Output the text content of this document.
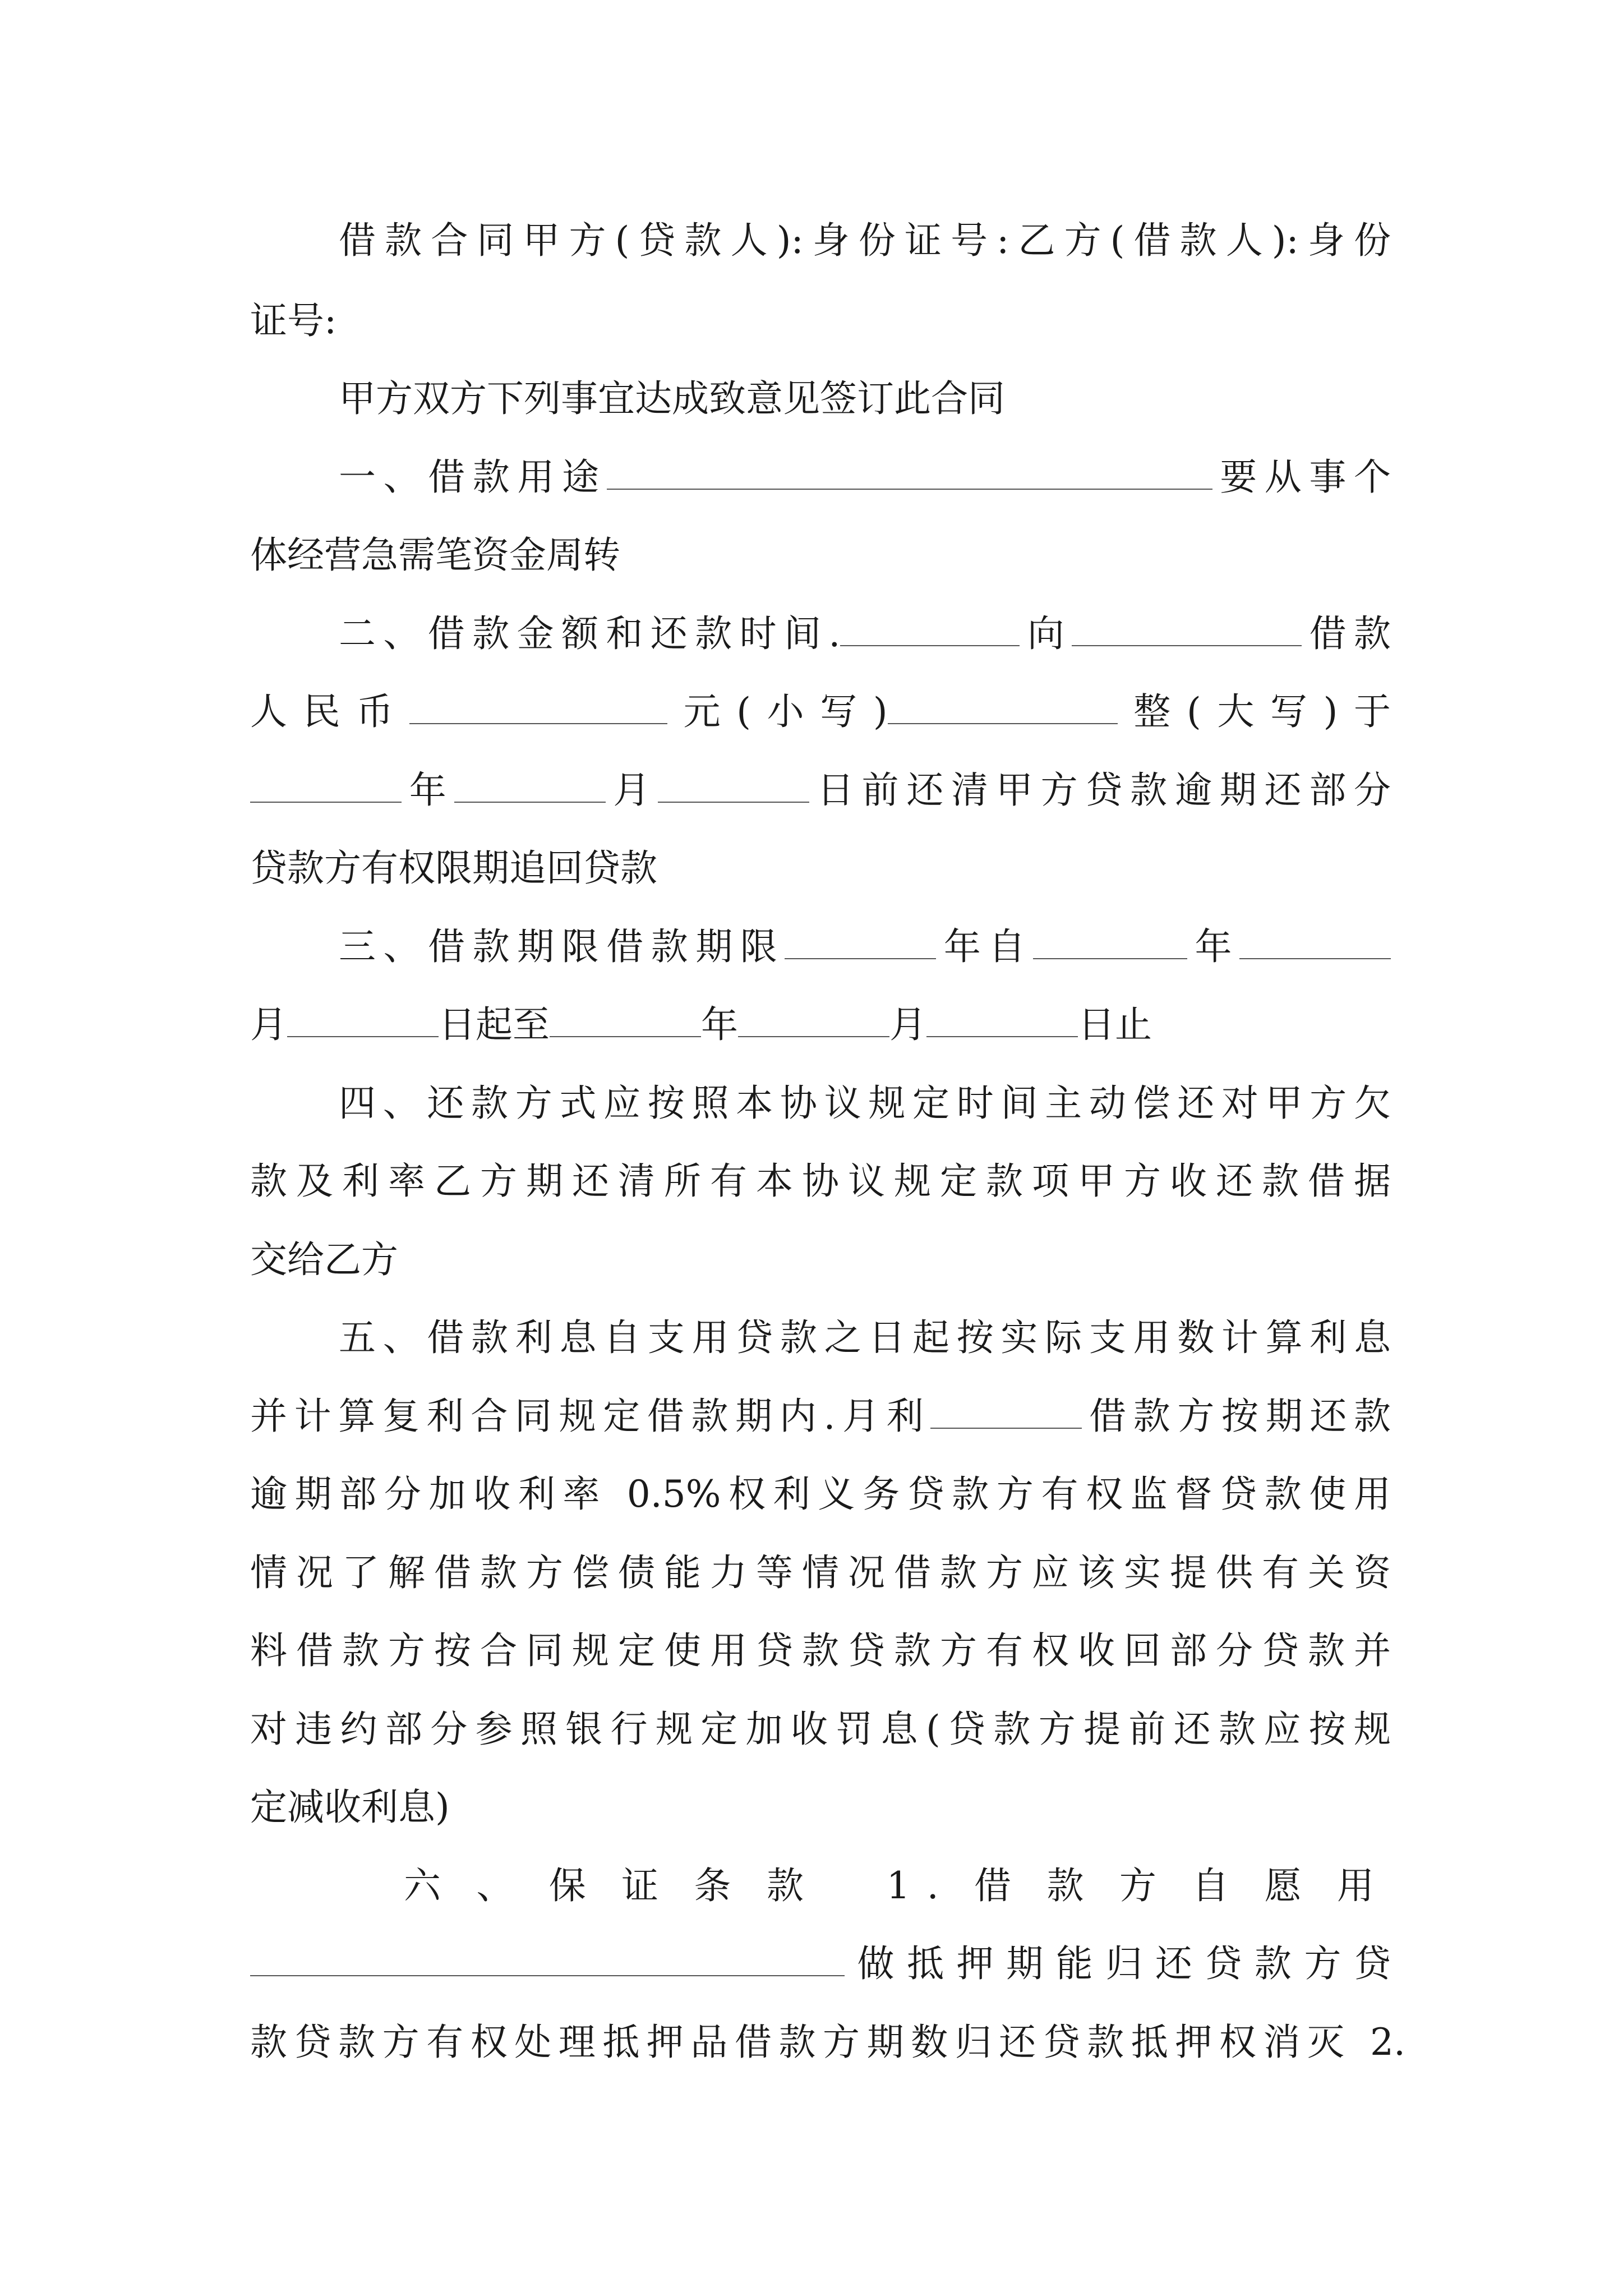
借款合同甲方(贷款人):身份证号:乙方(借款人):身份

证号:

甲方双方下列事宜达成致意见签订此合同

一、借款用途	要从事个

体经营急需笔资金周转

二、借款金额和还款时间.	向	借款

人民币	元(小写)	整(大写)于

年	月	日前还清甲方贷款逾期还部分

贷款方有权限期追回贷款

三、借款期限借款期限	年自	年

月	日起至	年	月	日止

四、还款方式应按照本协议规定时间主动偿还对甲方欠

款及利率乙方期还清所有本协议规定款项甲方收还款借据

交给乙方

五、借款利息自支用贷款之日起按实际支用数计算利息

并计算复利合同规定借款期内.月利	借款方按期还款

逾期部分加收利率 0.5%权利义务贷款方有权监督贷款使用

情况了解借款方偿债能力等情况借款方应该实提供有关资

料借款方按合同规定使用贷款贷款方有权收回部分贷款并

对违约部分参照银行规定加收罚息(贷款方提前还款应按规

定减收利息)

六、保证条款 1.借款方自愿用

做抵押期能归还贷款方贷

款贷款方有权处理抵押品借款方期数归还贷款抵押权消灭 2.
